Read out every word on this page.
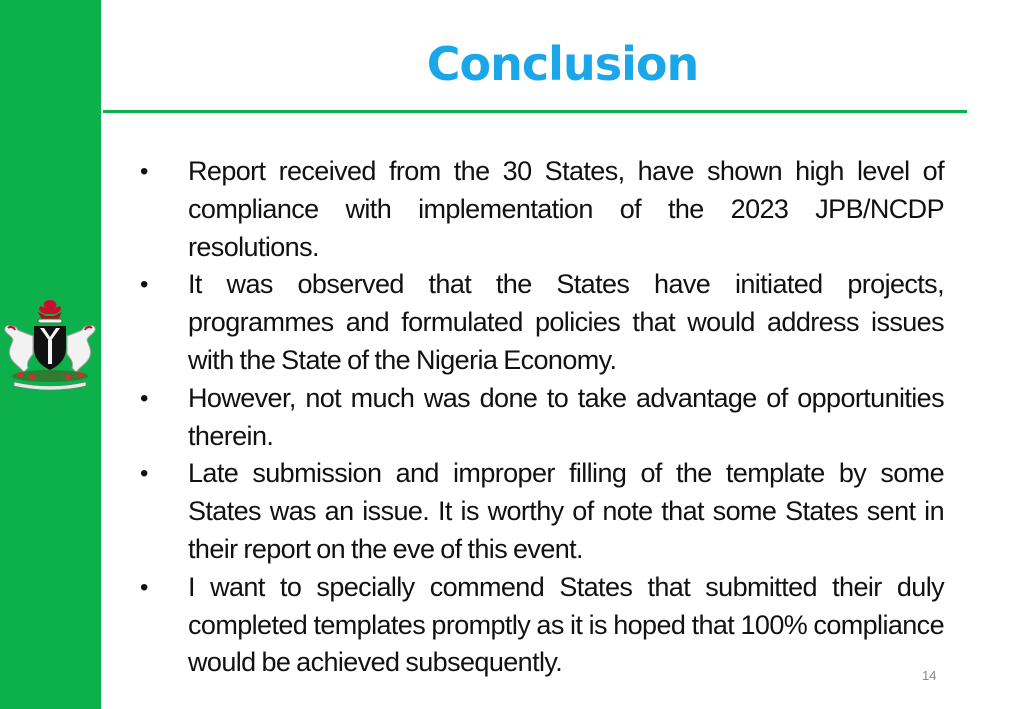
Conclusion
• Report received from the 30 States, have shown high level of compliance with implementation of the 2023 JPB/NCDP resolutions.
• It was observed that the States have initiated projects, programmes and formulated policies that would address issues with the State of the Nigeria Economy.
• However, not much was done to take advantage of opportunities therein.
• Late submission and improper filling of the template by some States was an issue. It is worthy of note that some States sent in their report on the eve of this event.
• I want to specially commend States that submitted their duly completed templates promptly as it is hoped that 100% compliance would be achieved subsequently.	14
